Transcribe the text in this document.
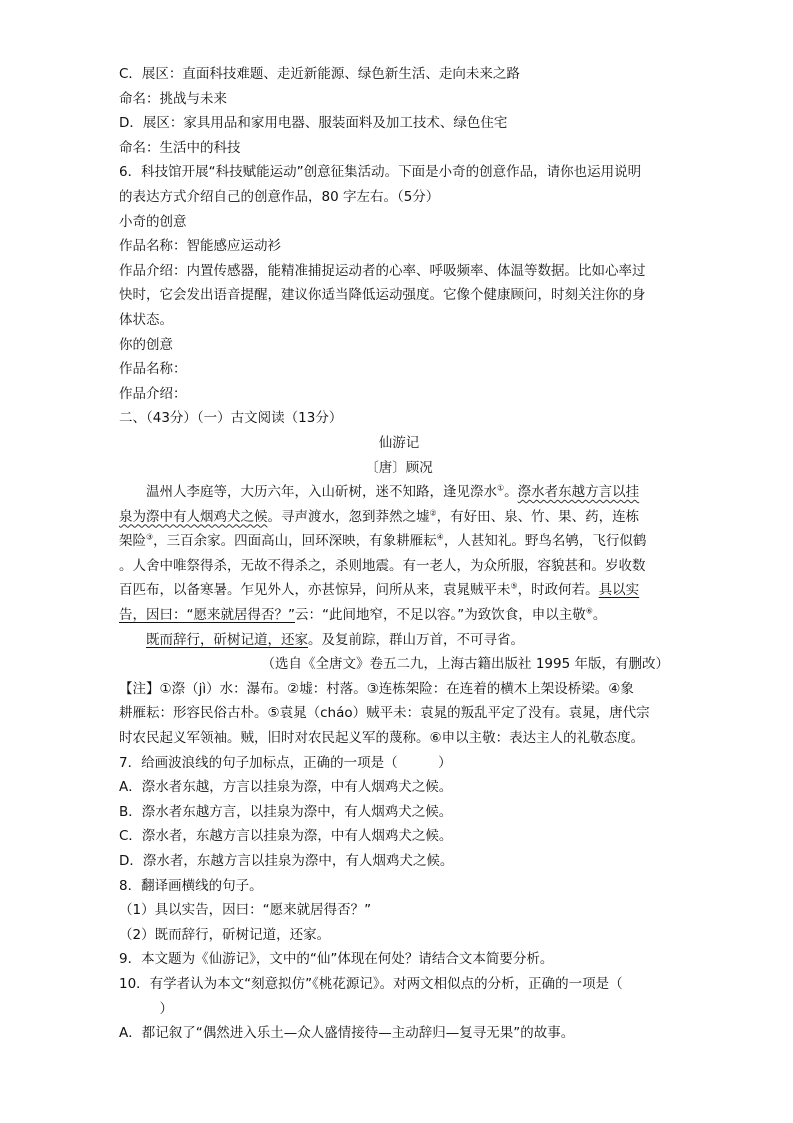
C．展区：直面科技难题、走近新能源、绿色新生活、走向未来之路
命名：挑战与未来
D．展区：家具用品和家用电器、服装面料及加工技术、绿色住宅
命名：生活中的科技
6．科技馆开展“科技赋能运动”创意征集活动。下面是小奇的创意作品，请你也运用说明
的表达方式介绍自己的创意作品，80 字左右。（5分）
小奇的创意
作品名称：智能感应运动衫
作品介绍：内置传感器，能精准捕捉运动者的心率、呼吸频率、体温等数据。比如心率过
快时，它会发出语音提醒，建议你适当降低运动强度。它像个健康顾问，时刻关注你的身
体状态。
你的创意
作品名称：
作品介绍：
二、（43分）（一）古文阅读（13分）
仙游记
〔唐〕顾况
温州人李庭等，大历六年，入山斫树，迷不知路，逢见漈水①。漈水者东越方言以挂
泉为漈中有人烟鸡犬之候。寻声渡水，忽到莽然之墟②，有好田、泉、竹、果、药，连栋
架险③，三百余家。四面高山，回环深映，有象耕雁耘④，人甚知礼。野鸟名鸲，飞行似鹤
。人舍中唯祭得杀，无故不得杀之，杀则地震。有一老人，为众所服，容貌甚和。岁收数
百匹布，以备寒暑。乍见外人，亦甚惊异，问所从来，袁晁贼平未⑤，时政何若。具以实
告，因曰：“愿来就居得否？”云：“此间地窄，不足以容。”为致饮食，申以主敬⑥。
既而辞行，斫树记道，还家。及复前踪，群山万首，不可寻省。
（选自《全唐文》卷五二九，上海古籍出版社 1995 年版，有删改）
【注】①漈（jì）水：瀑布。②墟：村落。③连栋架险：在连着的横木上架设桥梁。④象
耕雁耘：形容民俗古朴。⑤袁晁（cháo）贼平未：袁晁的叛乱平定了没有。袁晁，唐代宗
时农民起义军领袖。贼，旧时对农民起义军的蔑称。⑥申以主敬：表达主人的礼敬态度。
7．给画波浪线的句子加标点，正确的一项是（　　　）
A．漈水者东越，方言以挂泉为漈，中有人烟鸡犬之候。
B．漈水者东越方言，以挂泉为漈中，有人烟鸡犬之候。
C．漈水者，东越方言以挂泉为漈，中有人烟鸡犬之候。
D．漈水者，东越方言以挂泉为漈中，有人烟鸡犬之候。
8．翻译画横线的句子。
（1）具以实告，因曰：“愿来就居得否？”
（2）既而辞行，斫树记道，还家。
9．本文题为《仙游记》，文中的“仙”体现在何处？请结合文本简要分析。
10．有学者认为本文“刻意拟仿”《桃花源记》。对两文相似点的分析，正确的一项是（
　　　）
A．都记叙了“偶然进入乐土—众人盛情接待—主动辞归—复寻无果”的故事。
